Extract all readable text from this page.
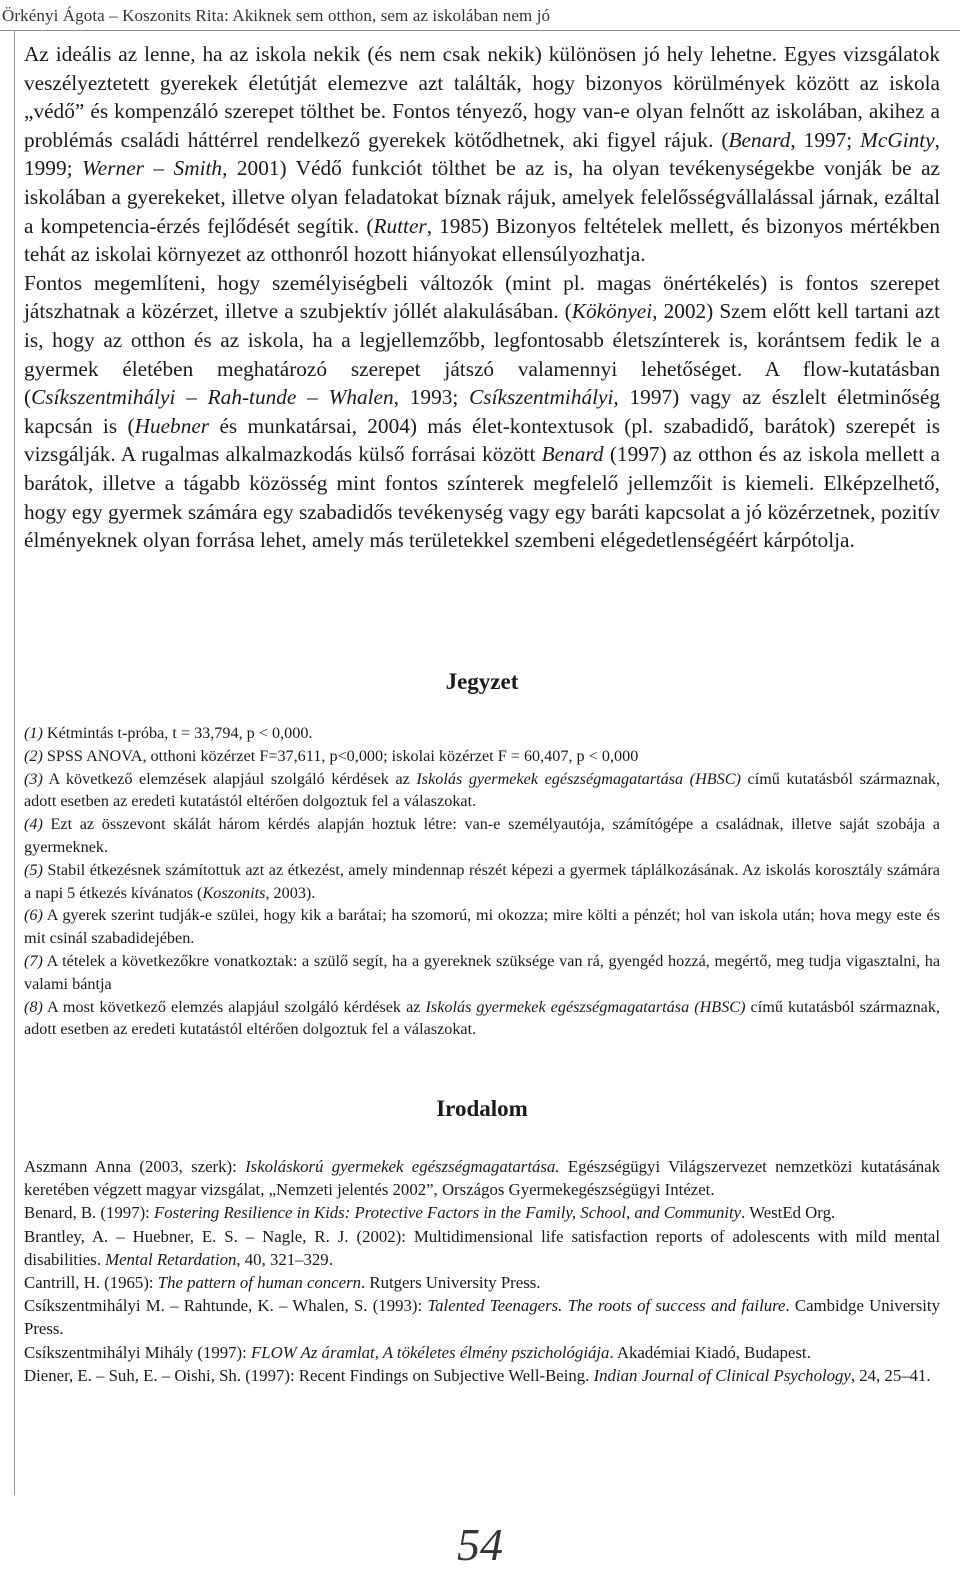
Örkényi Ágota – Koszonits Rita: Akiknek sem otthon, sem az iskolában nem jó

Az ideális az lenne, ha az iskola nekik (és nem csak nekik) különösen jó hely lehetne. Egyes vizsgálatok veszélyeztetett gyerekek életútját elemezve azt találták, hogy bizonyos körülmények között az iskola „védő” és kompenzáló szerepet tölthet be. Fontos tényező, hogy van-e olyan felnőtt az iskolában, akihez a problémás családi háttérrel rendelkező gyerekek kötődhetnek, aki figyel rájuk. (Benard, 1997; McGinty, 1999; Werner – Smith, 2001) Védő funkciót tölthet be az is, ha olyan tevékenységekbe vonják be az iskolában a gyerekeket, illetve olyan feladatokat bíznak rájuk, amelyek felelősségvállalással járnak, ezáltal a kompetencia-érzés fejlődését segítik. (Rutter, 1985) Bizonyos feltételek mellett, és bizonyos mértékben tehát az iskolai környezet az otthonról hozott hiányokat ellensúlyozhatja.

Fontos megemlíteni, hogy személyiségbeli változók (mint pl. magas önértékelés) is fontos szerepet játszhatnak a közérzet, illetve a szubjektív jóllét alakulásában. (Kökönyei, 2002) Szem előtt kell tartani azt is, hogy az otthon és az iskola, ha a legjellemzőbb, legfontosabb életszínterek is, korántsem fedik le a gyermek életében meghatározó szerepet játszó valamennyi lehetőséget. A flow-kutatásban (Csíkszentmihályi – Rah-tunde – Whalen, 1993; Csíkszentmihályi, 1997) vagy az észlelt életminőség kapcsán is (Huebner és munkatársai, 2004) más élet-kontextusok (pl. szabadidő, barátok) szerepét is vizsgálják. A rugalmas alkalmazkodás külső forrásai között Benard (1997) az otthon és az iskola mellett a barátok, illetve a tágabb közösség mint fontos színterek megfelelő jellemzőit is kiemeli. Elképzelhető, hogy egy gyermek számára egy szabadidős tevékenység vagy egy baráti kapcsolat a jó közérzetnek, pozitív élményeknek olyan forrása lehet, amely más területekkel szembeni elégedetlenségéért kárpótolja.

Jegyzet

(1) Kétmintás t-próba, t = 33,794, p < 0,000.

(2) SPSS ANOVA, otthoni közérzet F=37,611, p<0,000; iskolai közérzet F = 60,407, p < 0,000

(3) A következő elemzések alapjául szolgáló kérdések az Iskolás gyermekek egészségmagatartása (HBSC) című kutatásból származnak, adott esetben az eredeti kutatástól eltérően dolgoztuk fel a válaszokat.

(4) Ezt az összevont skálát három kérdés alapján hoztuk létre: van-e személyautója, számítógépe a családnak, illetve saját szobája a gyermeknek.

(5) Stabil étkezésnek számítottuk azt az étkezést, amely mindennap részét képezi a gyermek táplálkozásának. Az iskolás korosztály számára a napi 5 étkezés kívánatos (Koszonits, 2003).

(6) A gyerek szerint tudják-e szülei, hogy kik a barátai; ha szomorú, mi okozza; mire költi a pénzét; hol van iskola után; hova megy este és mit csinál szabadidejében.

(7) A tételek a következőkre vonatkoztak: a szülő segít, ha a gyereknek szüksége van rá, gyengéd hozzá, megértő, meg tudja vigasztalni, ha valami bántja

(8) A most következő elemzés alapjául szolgáló kérdések az Iskolás gyermekek egészségmagatartása (HBSC) című kutatásból származnak, adott esetben az eredeti kutatástól eltérően dolgoztuk fel a válaszokat.

Irodalom

Aszmann Anna (2003, szerk): Iskoláskorú gyermekek egészségmagatartása. Egészségügyi Világszervezet nemzetközi kutatásának keretében végzett magyar vizsgálat, „Nemzeti jelentés 2002”, Országos Gyermekegészségügyi Intézet.

Benard, B. (1997): Fostering Resilience in Kids: Protective Factors in the Family, School, and Community. WestEd Org.

Brantley, A. – Huebner, E. S. – Nagle, R. J. (2002): Multidimensional life satisfaction reports of adolescents with mild mental disabilities. Mental Retardation, 40, 321–329.

Cantrill, H. (1965): The pattern of human concern. Rutgers University Press.

Csíkszentmihályi M. – Rahtunde, K. – Whalen, S. (1993): Talented Teenagers. The roots of success and failure. Cambidge University Press.

Csíkszentmihályi Mihály (1997): FLOW Az áramlat, A tökéletes élmény pszichológiája. Akadémiai Kiadó, Budapest.

Diener, E. – Suh, E. – Oishi, Sh. (1997): Recent Findings on Subjective Well-Being. Indian Journal of Clinical Psychology, 24, 25–41.

54
